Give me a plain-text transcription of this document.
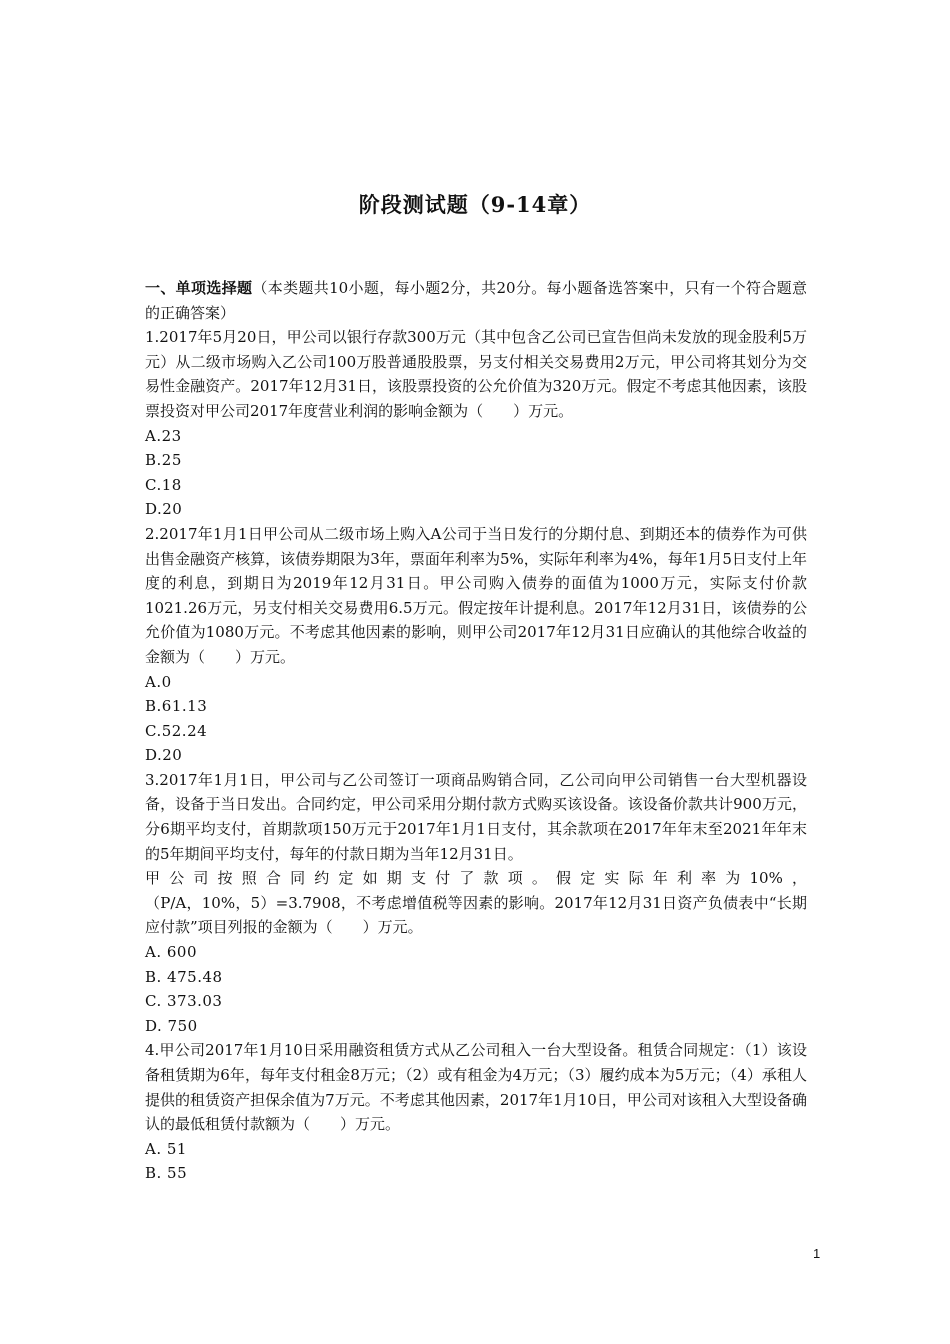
阶段测试题（9-14章）

一、单项选择题（本类题共10小题，每小题2分，共20分。每小题备选答案中，只有一个符合题意的正确答案）

1.2017年5月20日，甲公司以银行存款300万元（其中包含乙公司已宣告但尚未发放的现金股利5万元）从二级市场购入乙公司100万股普通股股票，另支付相关交易费用2万元，甲公司将其划分为交易性金融资产。2017年12月31日，该股票投资的公允价值为320万元。假定不考虑其他因素，该股票投资对甲公司2017年度营业利润的影响金额为（　　）万元。

A.23

B.25

C.18

D.20

2.2017年1月1日甲公司从二级市场上购入A公司于当日发行的分期付息、到期还本的债券作为可供出售金融资产核算，该债券期限为3年，票面年利率为5%，实际年利率为4%，每年1月5日支付上年度的利息，到期日为2019年12月31日。甲公司购入债券的面值为1000万元，实际支付价款1021.26万元，另支付相关交易费用6.5万元。假定按年计提利息。2017年12月31日，该债券的公允价值为1080万元。不考虑其他因素的影响，则甲公司2017年12月31日应确认的其他综合收益的金额为（　　）万元。

A.0

B.61.13

C.52.24

D.20

3.2017年1月1日，甲公司与乙公司签订一项商品购销合同，乙公司向甲公司销售一台大型机器设备，设备于当日发出。合同约定，甲公司采用分期付款方式购买该设备。该设备价款共计900万元，分6期平均支付，首期款项150万元于2017年1月1日支付，其余款项在2017年年末至2021年年末的5年期间平均支付，每年的付款日期为当年12月31日。

甲公司按照合同约定如期支付了款项。假定实际年利率为10%，

（P/A，10%，5）=3.7908，不考虑增值税等因素的影响。2017年12月31日资产负债表中“长期应付款”项目列报的金额为（　　）万元。

A. 600

B. 475.48

C. 373.03

D. 750

4.甲公司2017年1月10日采用融资租赁方式从乙公司租入一台大型设备。租赁合同规定：（1）该设备租赁期为6年，每年支付租金8万元；（2）或有租金为4万元；（3）履约成本为5万元；（4）承租人提供的租赁资产担保余值为7万元。不考虑其他因素，2017年1月10日，甲公司对该租入大型设备确认的最低租赁付款额为（　　）万元。

A. 51

B. 55

1
